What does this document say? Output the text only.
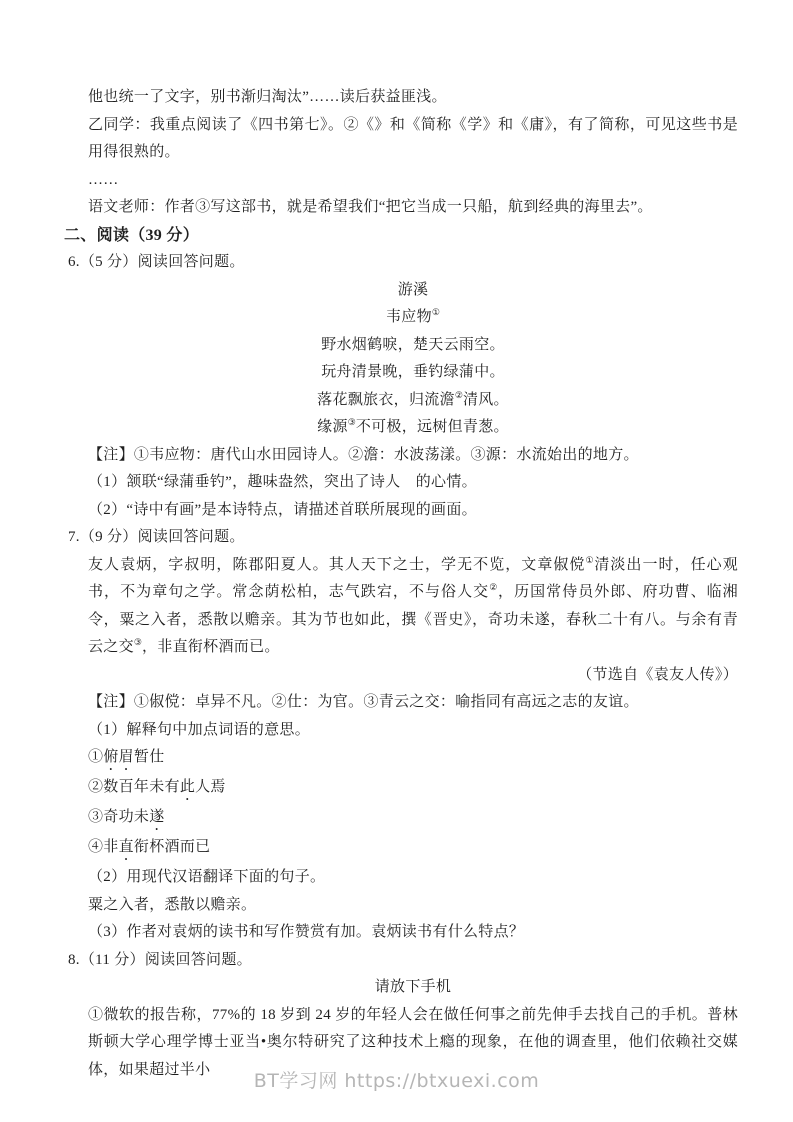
他也统一了文字，别书渐归淘汰”……读后获益匪浅。
乙同学：我重点阅读了《四书第七》。②《》和《简称《学》和《庸》，有了简称，可见这些书是用得很熟的。
……
语文老师：作者③写这部书，就是希望我们“把它当成一只船，航到经典的海里去”。
二、阅读（39 分）
6.（5 分）阅读回答问题。
游溪
韦应物①
野水烟鹤唳，楚天云雨空。
玩舟清景晚，垂钓绿蒲中。
落花飘旅衣，归流澹②清风。
缘源③不可极，远树但青葱。
【注】①韦应物：唐代山水田园诗人。②澹：水波荡漾。③源：水流始出的地方。
（1）颔联“绿蒲垂钓”，趣味盎然，突出了诗人　的心情。
（2）“诗中有画”是本诗特点，请描述首联所展现的画面。
7.（9 分）阅读回答问题。
友人袁炳，字叔明，陈郡阳夏人。其人天下之士，学无不览，文章俶傥①清淡出一时，任心观书，不为章句之学。常念荫松柏，志气跌宕，不与俗人交②，历国常侍员外郎、府功曹、临湘令，粟之入者，悉散以赡亲。其为节也如此，撰《晋史》，奇功未遂，春秋二十有八。与余有青云之交③，非直衔杯酒而已。
（节选自《袁友人传》）
【注】①俶傥：卓异不凡。②仕：为官。③青云之交：喻指同有高远之志的友谊。
（1）解释句中加点词语的意思。
①俯眉暂仕
②数百年未有此人焉
③奇功未遂
④非直衔杯酒而已
（2）用现代汉语翻译下面的句子。
粟之入者，悉散以赡亲。
（3）作者对袁炳的读书和写作赞赏有加。袁炳读书有什么特点？
8.（11 分）阅读回答问题。
请放下手机
①微软的报告称，77%的 18 岁到 24 岁的年轻人会在做任何事之前先伸手去找自己的手机。普林斯顿大学心理学博士亚当•奥尔特研究了这种技术上瘾的现象，在他的调查里，他们依赖社交媒体，如果超过半小
BT学习网 https://btxuexi.com
